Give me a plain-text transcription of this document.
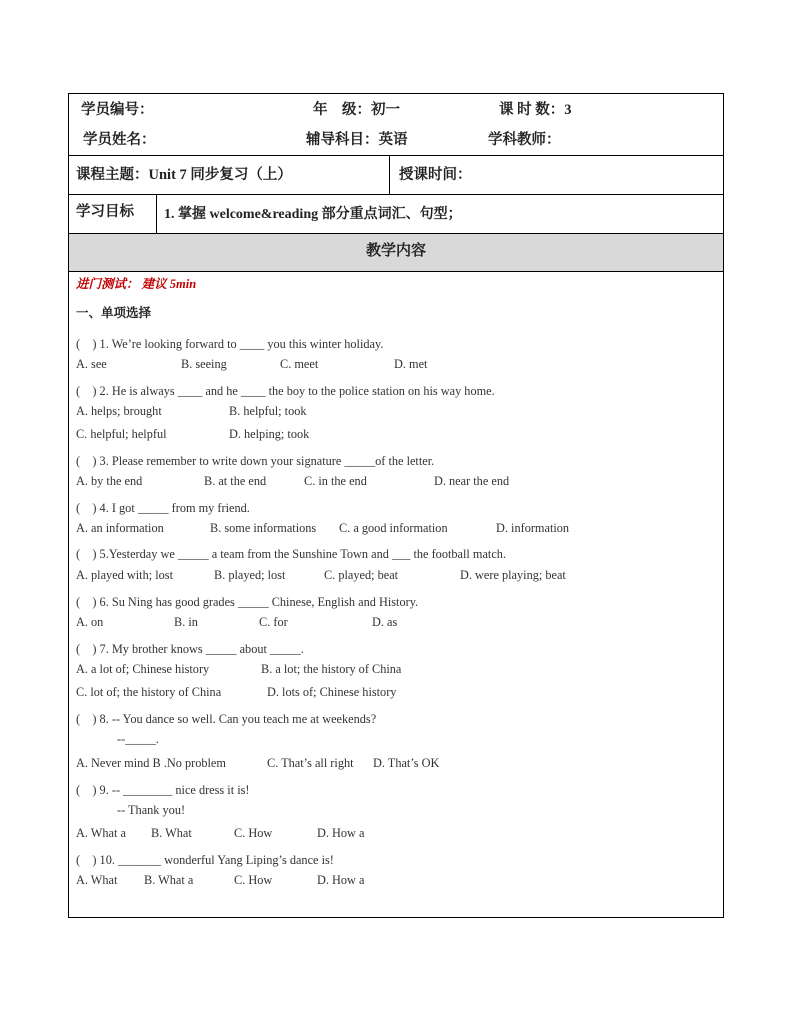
学员编号：	年　级：初一	课 时 数：3
学员姓名：	辅导科目：英语	学科教师：
课程主题：Unit 7 同步复习（上）	授课时间：
学习目标 1. 掌握 welcome&reading 部分重点词汇、句型；
教学内容
进门测试： 建议 5min
一、单项选择
(　) 1. We’re looking forward to ____ you this winter holiday.
A. see	B. seeing	C. meet	D. met
(　) 2. He is always ____ and he ____ the boy to the police station on his way home.
A. helps; brought	B. helpful; took
C. helpful; helpful	D. helping; took
(　) 3. Please remember to write down your signature _____of the letter.
A. by the end	B. at the end	C. in the end	D. near the end
(　) 4. I got _____ from my friend.
A. an information	B. some informations C. a good information	D. information
(　) 5.Yesterday we _____ a team from the Sunshine Town and ___ the football match.
A. played with; lost	B. played; lost	C. played; beat	D. were playing; beat
(　) 6. Su Ning has good grades _____ Chinese, English and History.
A. on	B. in	C. for	D. as
(　) 7. My brother knows _____ about _____.
A. a lot of; Chinese history	B. a lot; the history of China
C. lot of; the history of China	D. lots of; Chinese history
(　) 8. -- You dance so well. Can you teach me at weekends?
--_____.
A. Never mind B .No problem	C. That’s all right D. That’s OK
(　) 9. -- ________ nice dress it is!
-- Thank you!
A. What a B. What	C. How	D. How a
(　) 10. _______ wonderful Yang Liping’s dance is!
A. What B. What a	C. How	D. How a
